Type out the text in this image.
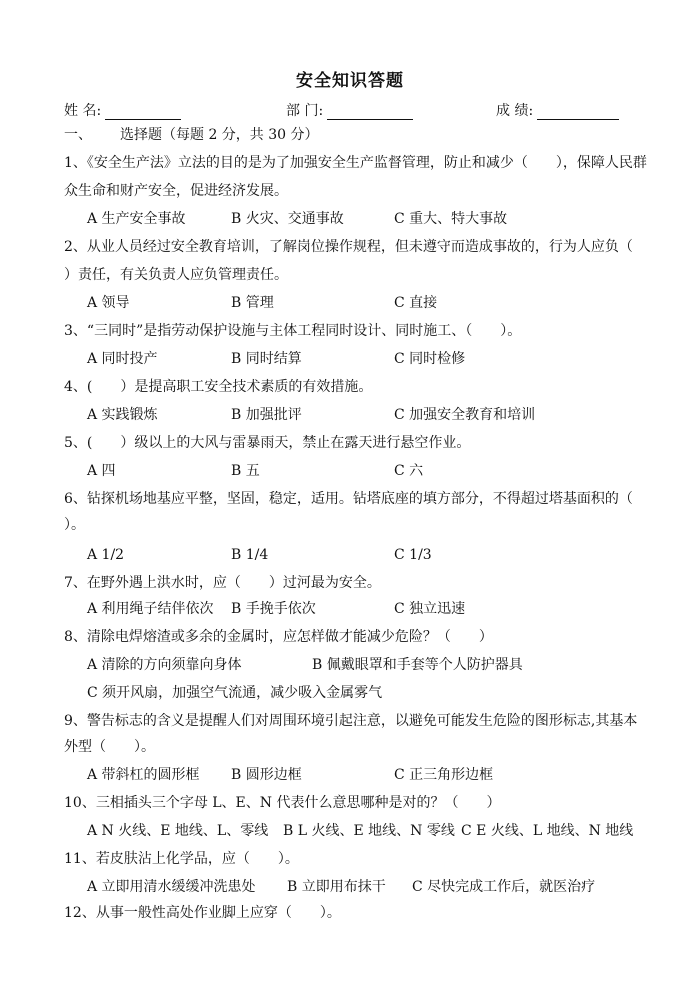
安全知识答题
姓 名:	部 门:	成 绩:
一、 选择题（每题 2 分，共 30 分）
1、《安全生产法》立法的目的是为了加强安全生产监督管理，防止和减少（　　），保障人民群
众生命和财产安全，促进经济发展。
A 生产安全事故	B 火灾、交通事故	C 重大、特大事故
2、从业人员经过安全教育培训，了解岗位操作规程，但未遵守而造成事故的，行为人应负（
）责任，有关负责人应负管理责任。
A 领导	B 管理	C 直接
3、“三同时”是指劳动保护设施与主体工程同时设计、同时施工、（　　）。
A 同时投产	B 同时结算	C 同时检修
4、(　　）是提高职工安全技术素质的有效措施。
A 实践锻炼	B 加强批评	C 加强安全教育和培训
5、(　　）级以上的大风与雷暴雨天，禁止在露天进行悬空作业。
A 四	B 五	C 六
6、钻探机场地基应平整，坚固，稳定，适用。钻塔底座的填方部分，不得超过塔基面积的（
）。
A 1/2	B 1/4	C 1/3
7、在野外遇上洪水时，应（　　）过河最为安全。
A 利用绳子结伴依次 B 手挽手依次	C 独立迅速
8、清除电焊熔渣或多余的金属时，应怎样做才能减少危险？（　　）
A 清除的方向须靠向身体	B 佩戴眼罩和手套等个人防护器具
C 须开风扇，加强空气流通，减少吸入金属雾气
9、警告标志的含义是提醒人们对周围环境引起注意，以避免可能发生危险的图形标志,其基本
外型（　　）。
A 带斜杠的圆形框 B 圆形边框	C 正三角形边框
10、三相插头三个字母 L、E、N 代表什么意思哪种是对的？（　　）
A N 火线、E 地线、L、零线 B L 火线、E 地线、N 零线 C E 火线、L 地线、N 地线
11、若皮肤沾上化学品，应（　　）。
A 立即用清水缓缓冲洗患处 B 立即用布抹干 C 尽快完成工作后，就医治疗
12、从事一般性高处作业脚上应穿（　　）。
